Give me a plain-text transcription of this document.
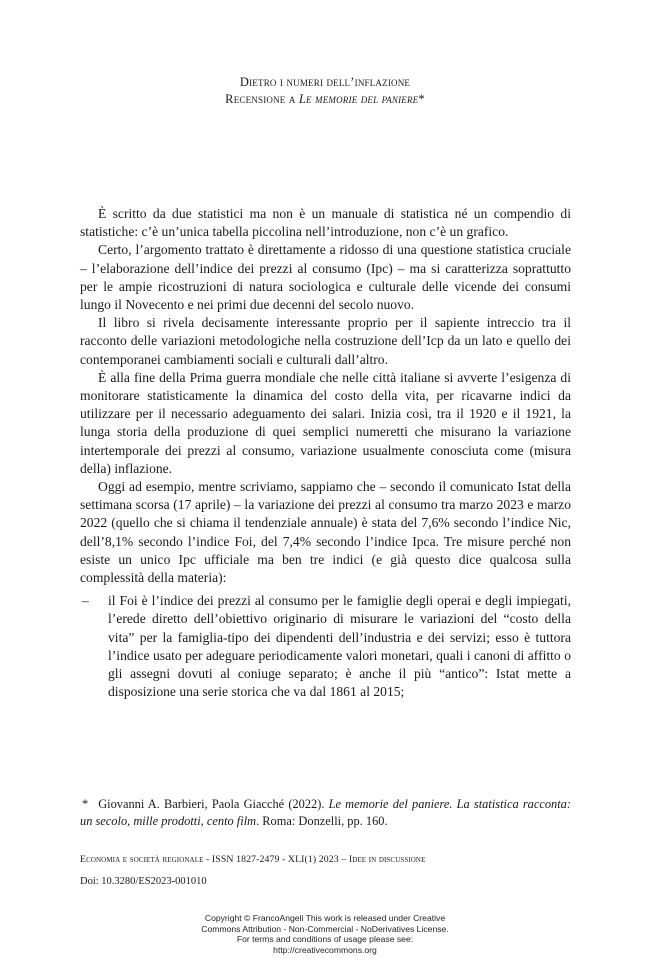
Dietro i numeri dell’inflazione
Recensione a Le memorie del paniere*

È scritto da due statistici ma non è un manuale di statistica né un compendio di statistiche: c’è un’unica tabella piccolina nell’introduzione, non c’è un grafico.

Certo, l’argomento trattato è direttamente a ridosso di una questione statistica cruciale – l’elaborazione dell’indice dei prezzi al consumo (Ipc) – ma si caratterizza soprattutto per le ampie ricostruzioni di natura sociologica e culturale delle vicende dei consumi lungo il Novecento e nei primi due decenni del secolo nuovo.

Il libro si rivela decisamente interessante proprio per il sapiente intreccio tra il racconto delle variazioni metodologiche nella costruzione dell’Icp da un lato e quello dei contemporanei cambiamenti sociali e culturali dall’altro.

È alla fine della Prima guerra mondiale che nelle città italiane si avverte l’esigenza di monitorare statisticamente la dinamica del costo della vita, per ricavarne indici da utilizzare per il necessario adeguamento dei salari. Inizia così, tra il 1920 e il 1921, la lunga storia della produzione di quei semplici numeretti che misurano la variazione intertemporale dei prezzi al consumo, variazione usualmente conosciuta come (misura della) inflazione.

Oggi ad esempio, mentre scriviamo, sappiamo che – secondo il comunicato Istat della settimana scorsa (17 aprile) – la variazione dei prezzi al consumo tra marzo 2023 e marzo 2022 (quello che si chiama il tendenziale annuale) è stata del 7,6% secondo l’indice Nic, dell’8,1% secondo l’indice Foi, del 7,4% secondo l’indice Ipca. Tre misure perché non esiste un unico Ipc ufficiale ma ben tre indici (e già questo dice qualcosa sulla complessità della materia):

– il Foi è l’indice dei prezzi al consumo per le famiglie degli operai e degli impiegati, l’erede diretto dell’obiettivo originario di misurare le variazioni del “costo della vita” per la famiglia-tipo dei dipendenti dell’industria e dei servizi; esso è tuttora l’indice usato per adeguare periodicamente valori monetari, quali i canoni di affitto o gli assegni dovuti al coniuge separato; è anche il più “antico”: Istat mette a disposizione una serie storica che va dal 1861 al 2015;
* Giovanni A. Barbieri, Paola Giacché (2022). Le memorie del paniere. La statistica racconta: un secolo, mille prodotti, cento film. Roma: Donzelli, pp. 160.
Economia e società regionale - ISSN 1827-2479 - XLI(1) 2023 – Idee in discussione
Doi: 10.3280/ES2023-001010
Copyright © FrancoAngeli This work is released under Creative
Commons Attribution - Non-Commercial - NoDerivatives License.
For terms and conditions of usage please see:
http://creativecommons.org
